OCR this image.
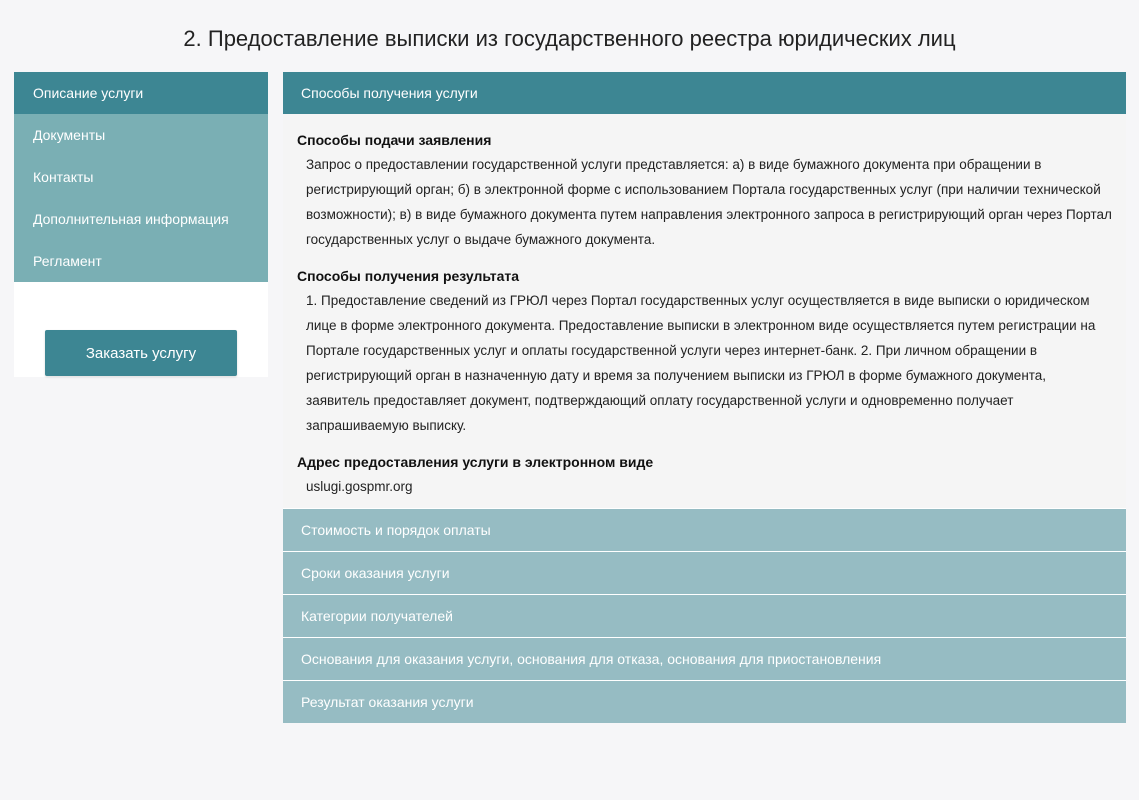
2. Предоставление выписки из государственного реестра юридических лиц
Описание услуги
Документы
Контакты
Дополнительная информация
Регламент
Заказать услугу
Способы получения услуги
Способы подачи заявления
Запрос о предоставлении государственной услуги представляется: а) в виде бумажного документа при обращении в регистрирующий орган; б) в электронной форме с использованием Портала государственных услуг (при наличии технической возможности); в) в виде бумажного документа путем направления электронного запроса в регистрирующий орган через Портал государственных услуг о выдаче бумажного документа.
Способы получения результата
1. Предоставление сведений из ГРЮЛ через Портал государственных услуг осуществляется в виде выписки о юридическом лице в форме электронного документа. Предоставление выписки в электронном виде осуществляется путем регистрации на Портале государственных услуг и оплаты государственной услуги через интернет-банк. 2. При личном обращении в регистрирующий орган в назначенную дату и время за получением выписки из ГРЮЛ в форме бумажного документа, заявитель предоставляет документ, подтверждающий оплату государственной услуги и одновременно получает запрашиваемую выписку.
Адрес предоставления услуги в электронном виде
uslugi.gospmr.org
Стоимость и порядок оплаты
Сроки оказания услуги
Категории получателей
Основания для оказания услуги, основания для отказа, основания для приостановления
Результат оказания услуги
